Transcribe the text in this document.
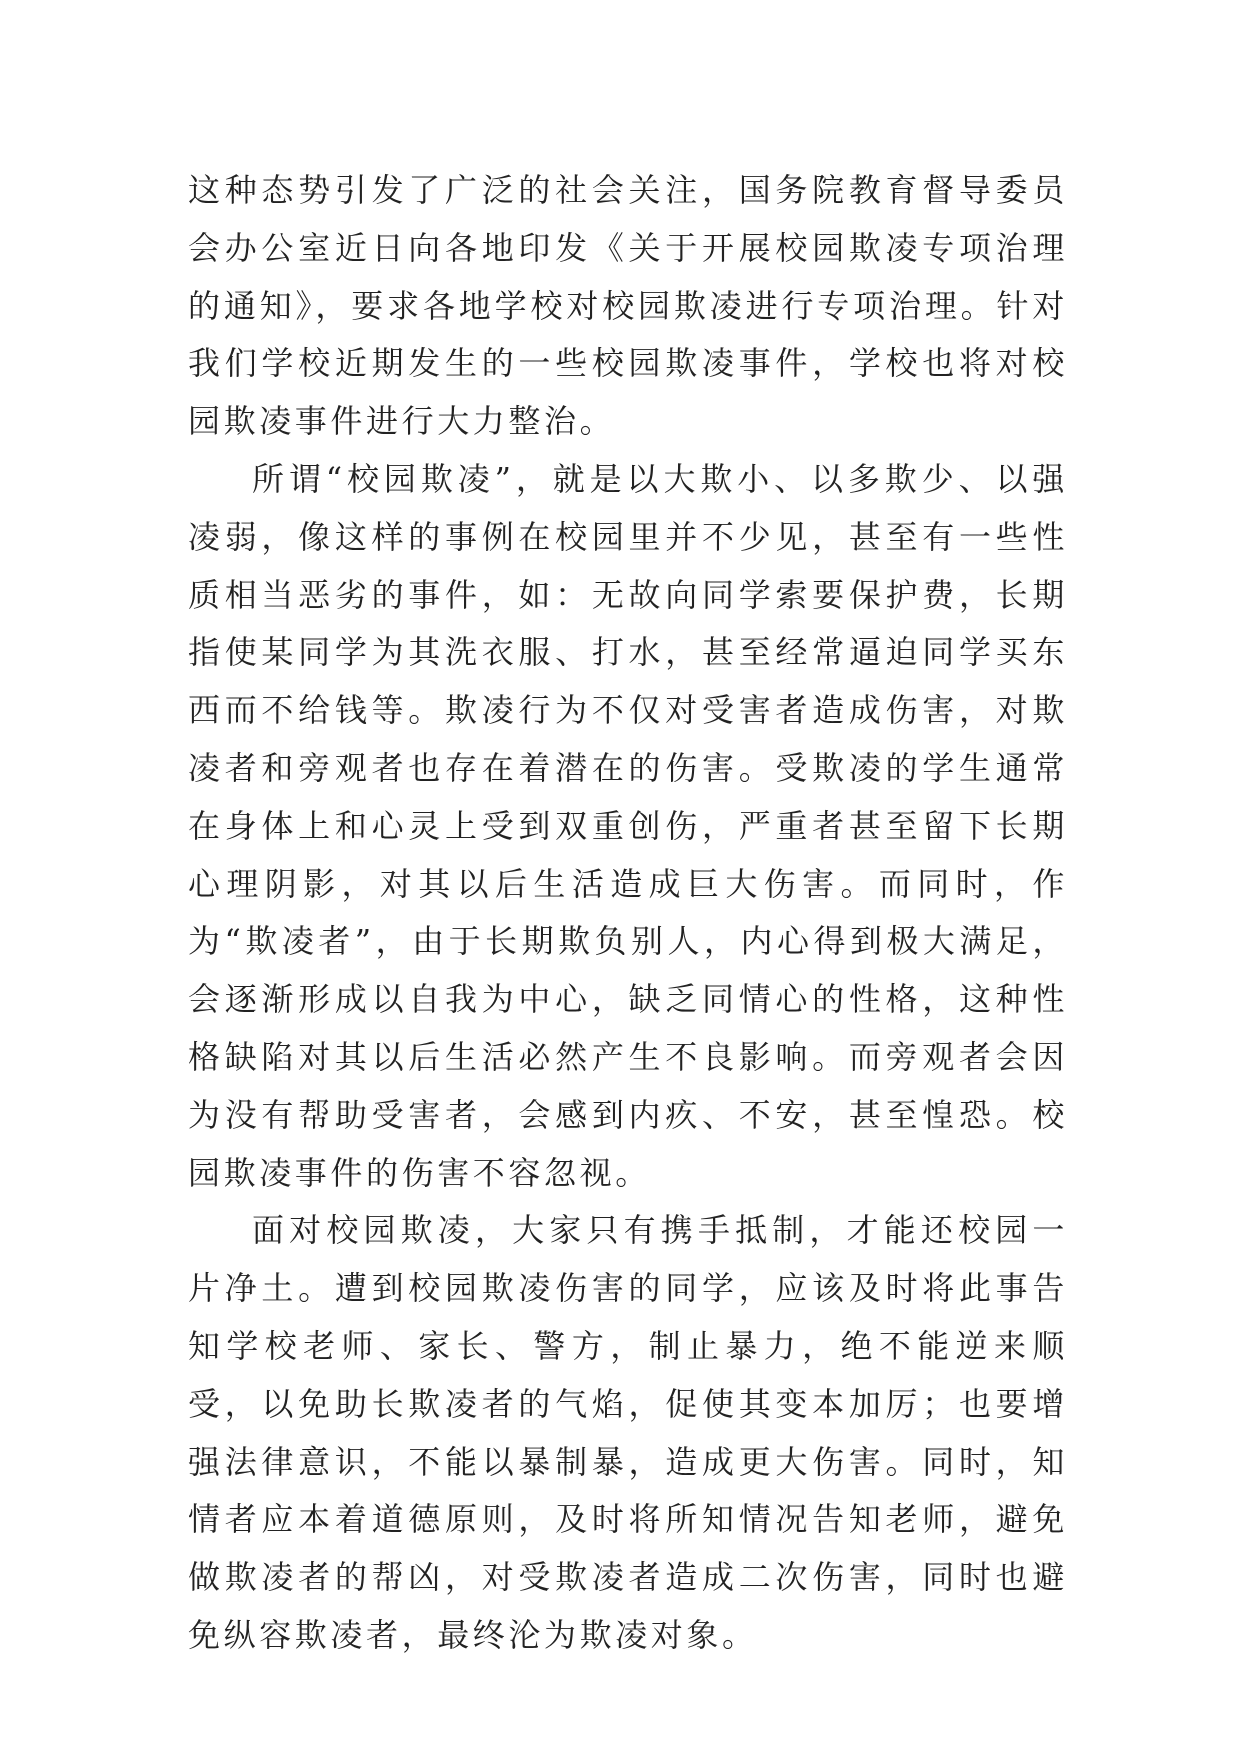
这种态势引发了广泛的社会关注，国务院教育督导委员会办公室近日向各地印发《关于开展校园欺凌专项治理的通知》，要求各地学校对校园欺凌进行专项治理。针对我们学校近期发生的一些校园欺凌事件，学校也将对校园欺凌事件进行大力整治。

所谓“校园欺凌”，就是以大欺小、以多欺少、以强凌弱，像这样的事例在校园里并不少见，甚至有一些性质相当恶劣的事件，如：无故向同学索要保护费，长期指使某同学为其洗衣服、打水，甚至经常逼迫同学买东西而不给钱等。欺凌行为不仅对受害者造成伤害，对欺凌者和旁观者也存在着潜在的伤害。受欺凌的学生通常在身体上和心灵上受到双重创伤，严重者甚至留下长期心理阴影，对其以后生活造成巨大伤害。而同时，作为“欺凌者”，由于长期欺负别人，内心得到极大满足，会逐渐形成以自我为中心，缺乏同情心的性格，这种性格缺陷对其以后生活必然产生不良影响。而旁观者会因为没有帮助受害者，会感到内疚、不安，甚至惶恐。校园欺凌事件的伤害不容忽视。

面对校园欺凌，大家只有携手抵制，才能还校园一片净土。遭到校园欺凌伤害的同学，应该及时将此事告知学校老师、家长、警方，制止暴力，绝不能逆来顺受，以免助长欺凌者的气焰，促使其变本加厉；也要增强法律意识，不能以暴制暴，造成更大伤害。同时，知情者应本着道德原则，及时将所知情况告知老师，避免做欺凌者的帮凶，对受欺凌者造成二次伤害，同时也避免纵容欺凌者，最终沦为欺凌对象。
